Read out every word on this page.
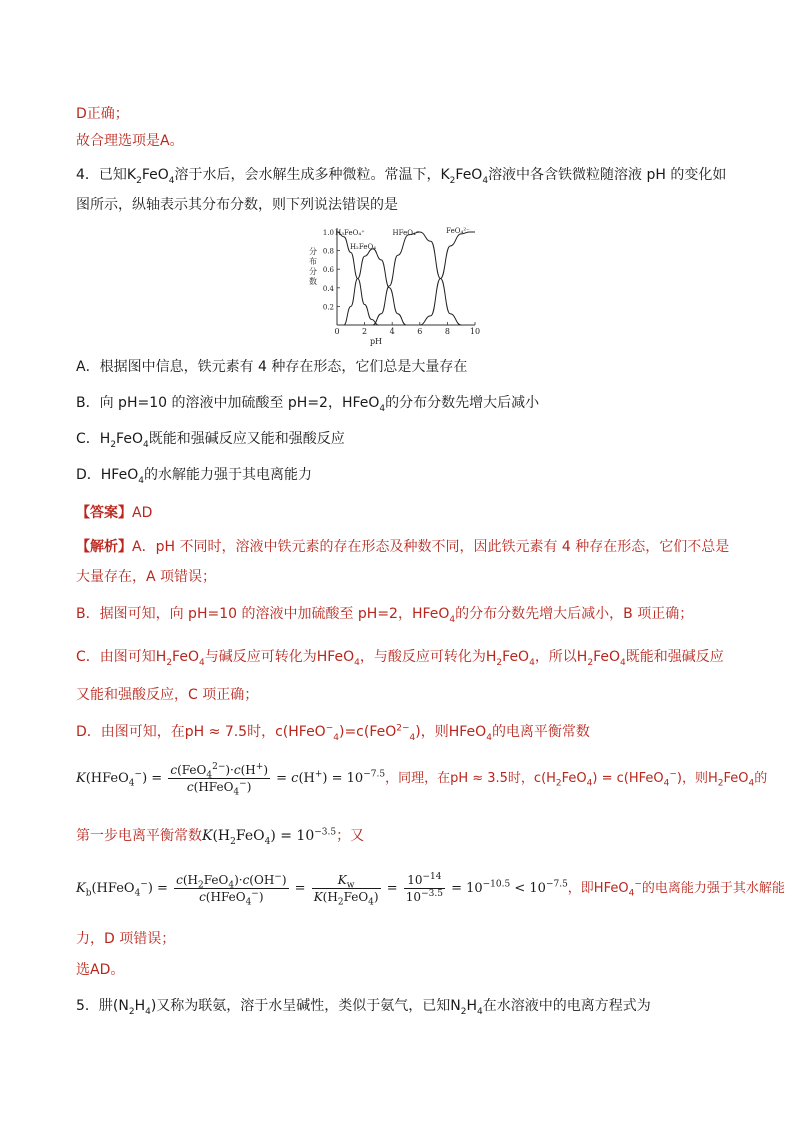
D正确；
故合理选项是A。
4．已知$K_2FeO_4$溶于水后，会水解生成多种微粒。常温下，$K_2FeO_4$溶液中各含铁微粒随溶液 pH 的变化如
图所示，纵轴表示其分布分数，则下列说法错误的是
0	2	4	6	8 10
0.2
0.4
0.6
0.8
1.0
pH
分
布
分
数
H₃FeO₄⁺
H₂FeO₄
HFeO₄⁻	FeO₄²⁻
A．根据图中信息，铁元素有 4 种存在形态，它们总是大量存在
B．向 pH=10 的溶液中加硫酸至 pH=2，HFeO$_4$的分布分数先增大后减小
C．$H_2FeO_4$既能和强碱反应又能和强酸反应
D．HFeO$_4$的水解能力强于其电离能力
【答案】AD
【解析】A．pH 不同时，溶液中铁元素的存在形态及种数不同，因此铁元素有 4 种存在形态，它们不总是
大量存在，A 项错误；
B．据图可知，向 pH=10 的溶液中加硫酸至 pH=2，HFeO$_4$的分布分数先增大后减小，B 项正确；
C．由图可知$H_2FeO_4$与碱反应可转化为HFeO$_4$，与酸反应可转化为$H_2FeO_4$，所以$H_2FeO_4$既能和强碱反应
又能和强酸反应，C 项正确；
D．由图可知，在pH ≈ 7.5时，c(HFeO−$_4$)=c(FeO$^{2-}_4$)，则HFeO$_4$的电离平衡常数
K(HFeO$_4$−) = $\frac{c(FeO_4^{2-})\cdot c(H^+)}{c(HFeO_4^-)} = c(H^+) = 10^{-7.5}$，同理，在pH ≈ 3.5时，$c(H_2FeO_4)$ = c(HFeO$_4$−)，则$H_2FeO_4$的
第一步电离平衡常数$K(H_2FeO_4) = 10^{-3.5}$；又
$K_b(HFeO_4^-) = \frac{c(H_2FeO_4)\cdot c(OH^-)}{c(HFeO_4^-)} = \frac{K_w}{K(H_2FeO_4)} = \frac{10^{-14}}{10^{-3.5}} = 10^{-10.5} < 10^{-7.5}$，即HFeO$_4$−的电离能力强于其水解能
力，D 项错误；
选AD。
5．肼$(N_2H_4)$又称为联氨，溶于水呈碱性，类似于氨气，已知$N_2H_4$在水溶液中的电离方程式为
